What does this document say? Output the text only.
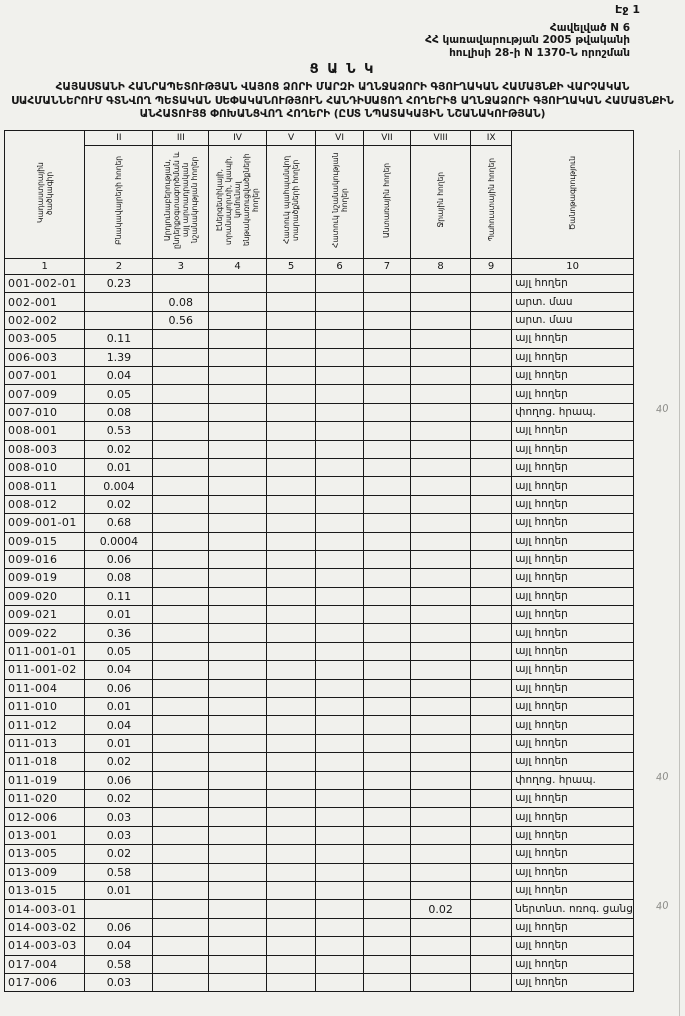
Էջ 1
Հավելված N 6
ՀՀ կառավարության 2005 թվականի
հուլիսի 28-ի N 1370-Ն որոշման
Ց Ա Ն Կ
ՀԱՅԱՍՏԱՆԻ ՀԱՆՐԱՊԵՏՈՒԹՅԱՆ ՎԱՅՈՑ ՁՈՐԻ ՄԱՐԶԻ ԱՂՆՋԱՁՈՐԻ ԳՅՈՒՂԱԿԱՆ ՀԱՄԱՅՆՔԻ ՎԱՐՉԱԿԱՆ ՍԱՀՄԱՆՆԵՐՈՒՄ ԳՏՆՎՈՂ ՊԵՏԱԿԱՆ ՍԵՓԱԿԱՆՈՒԹՅՈՒՆ ՀԱՆԴԻՍԱՑՈՂ ՀՈՂԵՐԻՑ ԱՂՆՋԱՁՈՐԻ ԳՅՈՒՂԱԿԱՆ ՀԱՄԱՅՆՔԻՆ ԱՆՀԱՏՈՒՅՑ ՓՈԽԱՆՑՎՈՂ ՀՈՂԵՐԻ (ԸՍՏ ՆՊԱՏԱԿԱՅԻՆ ՆՇԱՆԱԿՈՒԹՅԱՆ)
Կադաստրային ծածկագիր	II	III	IV	V	VI	VII	VIII	IX	Ծանոթագրություն
	Բնակավայրերի հողեր	Արդյունաբերության, ընդերքօգտագործման և այլ արտադրական նշանակության հողեր	Էներգետիկայի, տրանսպորտի, կապի, կոմունալ ենթակառուցվածքների հողեր	Հատուկ պահպանվող տարածքների հողեր	Հատուկ նշանակության հողեր	Անտառային հողեր	Ջրային հողեր	Պահուստային հողեր	
1	2	3	4	5	6	7	8	9	10
001-002-01	0.23								այլ հողեր
002-001		0.08							արտ. մաս
002-002		0.56							արտ. մաս
003-005	0.11								այլ հողեր
006-003	1.39								այլ հողեր
007-001	0.04								այլ հողեր
007-009	0.05								այլ հողեր
007-010	0.08								փողոց. հրապ.
008-001	0.53								այլ հողեր
008-003	0.02								այլ հողեր
008-010	0.01								այլ հողեր
008-011	0.004								այլ հողեր
008-012	0.02								այլ հողեր
009-001-01	0.68								այլ հողեր
009-015	0.0004								այլ հողեր
009-016	0.06								այլ հողեր
009-019	0.08								այլ հողեր
009-020	0.11								այլ հողեր
009-021	0.01								այլ հողեր
009-022	0.36								այլ հողեր
011-001-01	0.05								այլ հողեր
011-001-02	0.04								այլ հողեր
011-004	0.06								այլ հողեր
011-010	0.01								այլ հողեր
011-012	0.04								այլ հողեր
011-013	0.01								այլ հողեր
011-018	0.02								այլ հողեր
011-019	0.06								փողոց. հրապ.
011-020	0.02								այլ հողեր
012-006	0.03								այլ հողեր
013-001	0.03								այլ հողեր
013-005	0.02								այլ հողեր
013-009	0.58								այլ հողեր
013-015	0.01								այլ հողեր
014-003-01							0.02		ներտնտ. ոռոգ. ցանց
014-003-02	0.06								այլ հողեր
014-003-03	0.04								այլ հողեր
017-004	0.58								այլ հողեր
017-006	0.03								այլ հողեր
40
40
40
